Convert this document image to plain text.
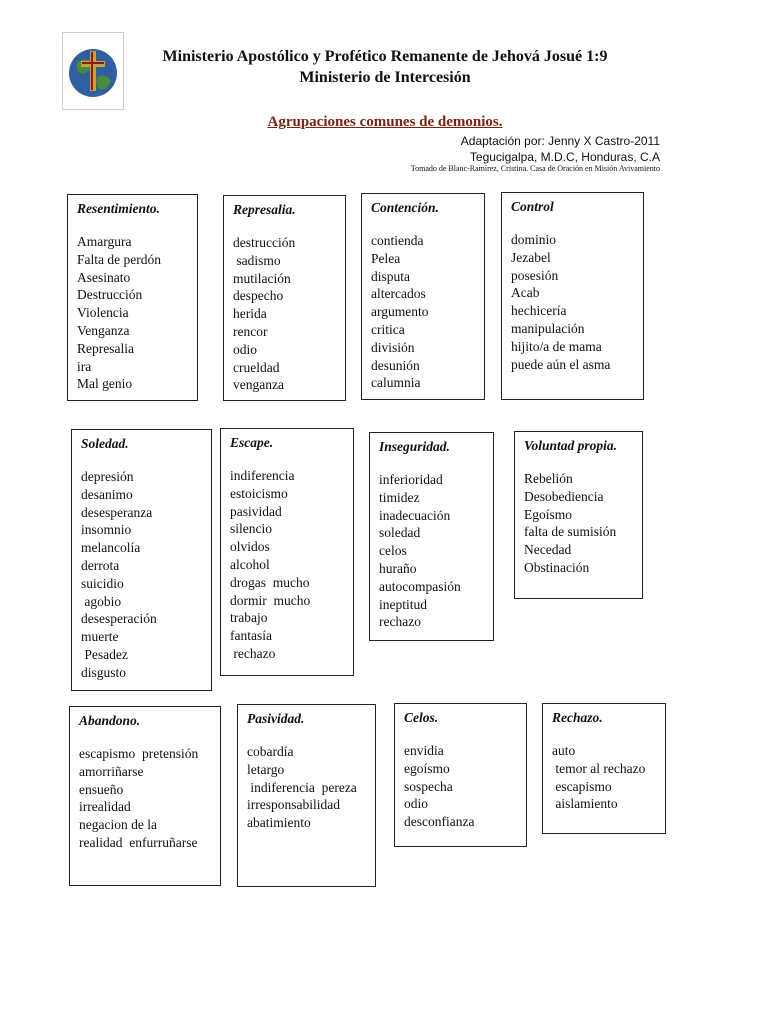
Ministerio Apostólico y Profético Remanente de Jehová Josué 1:9
Ministerio de Intercesión
Agrupaciones comunes de demonios.
Adaptación por: Jenny X Castro-2011
Tegucigalpa, M.D.C, Honduras, C.A
Tomado de Blanc-Ramírez, Cristina. Casa de Oración en Misión Avivamiento
Resentimiento.
Amargura
Falta de perdón
Asesinato
Destrucción
Violencia
Venganza
Represalia
ira
Mal genio
Represalia.
destrucción
sadismo
mutilación
despecho
herida
rencor
odio
crueldad
venganza
Contención.
contienda
Pelea
disputa
altercados
argumento
critica
división
desunión
calumnia
Control
dominio
Jezabel
posesión
Acab
hechicería
manipulación
hijito/a de mama
puede aún el asma
Soledad.
depresión
desanimo
desesperanza
insomnio
melancolía
derrota
suicidio
agobio
desesperación
muerte
Pesadez
disgusto
Escape.
indiferencia
estoicismo
pasividad
silencio
olvidos
alcohol
drogas  mucho
dormir  mucho
trabajo
fantasía
rechazo
Inseguridad.
inferioridad
timidez
inadecuación
soledad
celos
huraño
autocompasión
ineptitud
rechazo
Voluntad propia.
Rebelión
Desobediencia
Egoísmo
falta de sumisión
Necedad
Obstinación
Abandono.
escapismo  pretensión
amorriñarse
ensueño
irrealidad
negacion de la
realidad  enfurruñarse
Pasividad.
cobardía
letargo
indiferencia  pereza
irresponsabilidad
abatimiento
Celos.
envidia
egoísmo
sospecha
odio
desconfianza
Rechazo.
auto
temor al rechazo
escapismo
aislamiento
